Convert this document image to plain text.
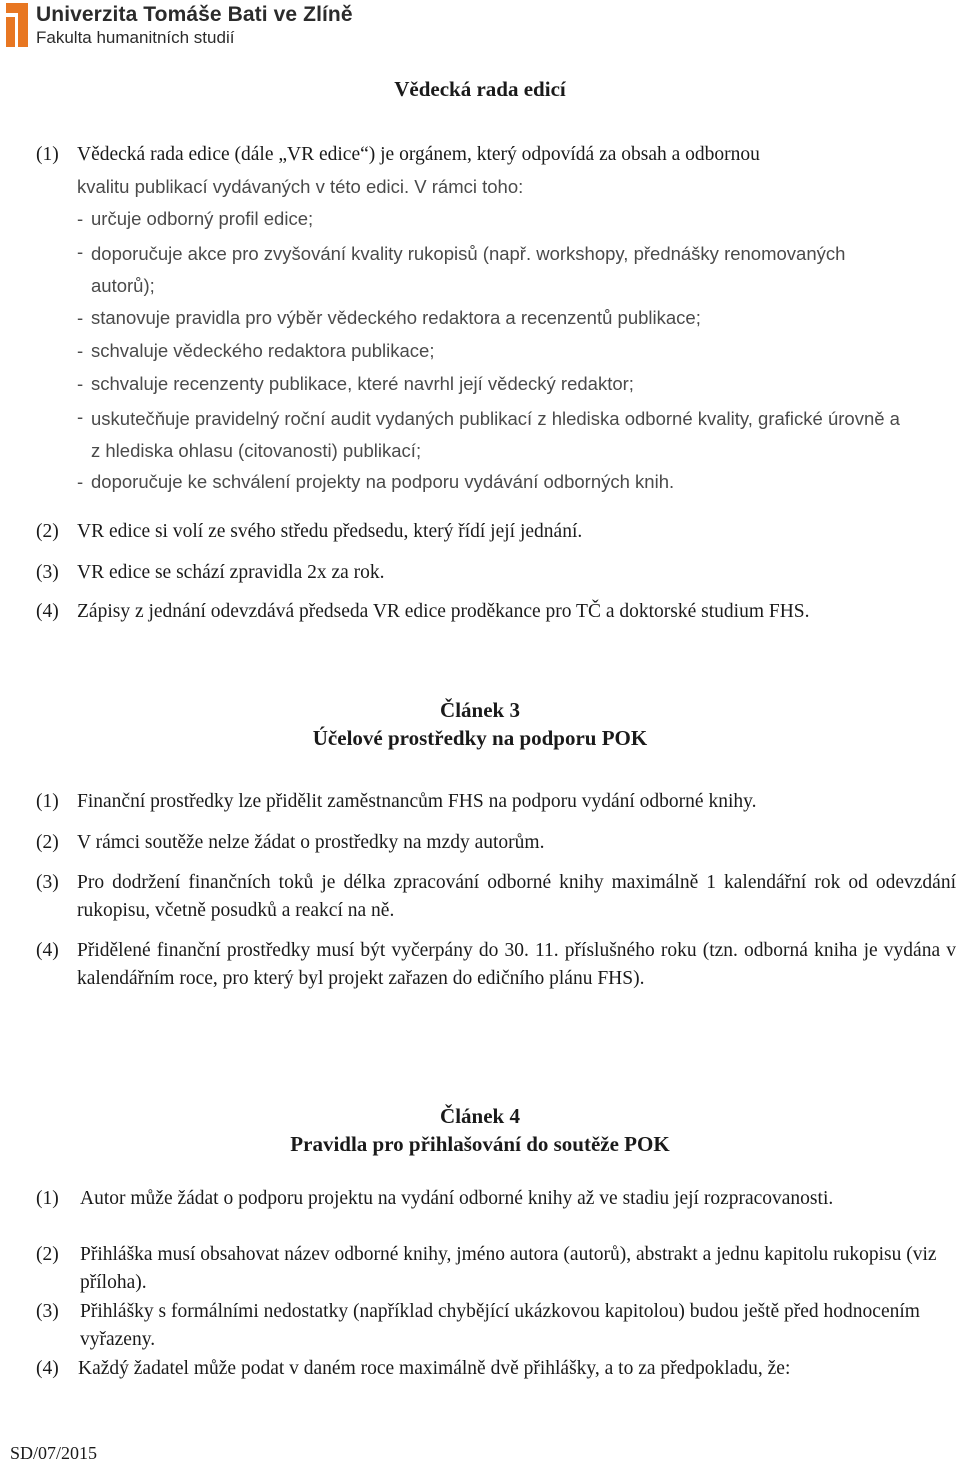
Univerzita Tomáše Bati ve Zlíně
Fakulta humanitních studií
Vědecká rada edicí
(1) Vědecká rada edice (dále „VR edice“) je orgánem, který odpovídá za obsah a odbornou
kvalitu publikací vydávaných v této edici. V rámci toho:
- určuje odborný profil edice;
- doporučuje akce pro zvyšování kvality rukopisů (např. workshopy, přednášky renomovaných autorů);
- stanovuje pravidla pro výběr vědeckého redaktora a recenzentů publikace;
- schvaluje vědeckého redaktora publikace;
- schvaluje recenzenty publikace, které navrhl její vědecký redaktor;
- uskutečňuje pravidelný roční audit vydaných publikací z hlediska odborné kvality, grafické úrovně a z hlediska ohlasu (citovanosti) publikací;
- doporučuje ke schválení projekty na podporu vydávání odborných knih.
(2) VR edice si volí ze svého středu předsedu, který řídí její jednání.
(3) VR edice se schází zpravidla 2x za rok.
(4) Zápisy z jednání odevzdává předseda VR edice proděkance pro TČ a doktorské studium FHS.
Článek 3
Účelové prostředky na podporu POK
(1) Finanční prostředky lze přidělit zaměstnancům FHS na podporu vydání odborné knihy.
(2) V rámci soutěže nelze žádat o prostředky na mzdy autorům.
(3) Pro dodržení finančních toků je délka zpracování odborné knihy maximálně 1 kalendářní rok od odevzdání rukopisu, včetně posudků a reakcí na ně.
(4) Přidělené finanční prostředky musí být vyčerpány do 30. 11. příslušného roku (tzn. odborná kniha je vydána v kalendářním roce, pro který byl projekt zařazen do edičního plánu FHS).
Článek 4
Pravidla pro přihlašování do soutěže POK
(1) Autor může žádat o podporu projektu na vydání odborné knihy až ve stadiu její rozpracovanosti.
(2) Přihláška musí obsahovat název odborné knihy, jméno autora (autorů), abstrakt a jednu kapitolu rukopisu (viz příloha).
(3) Přihlášky s formálními nedostatky (například chybějící ukázkovou kapitolou) budou ještě před hodnocením vyřazeny.
(4) Každý žadatel může podat v daném roce maximálně dvě přihlášky, a to za předpokladu, že:
SD/07/2015
